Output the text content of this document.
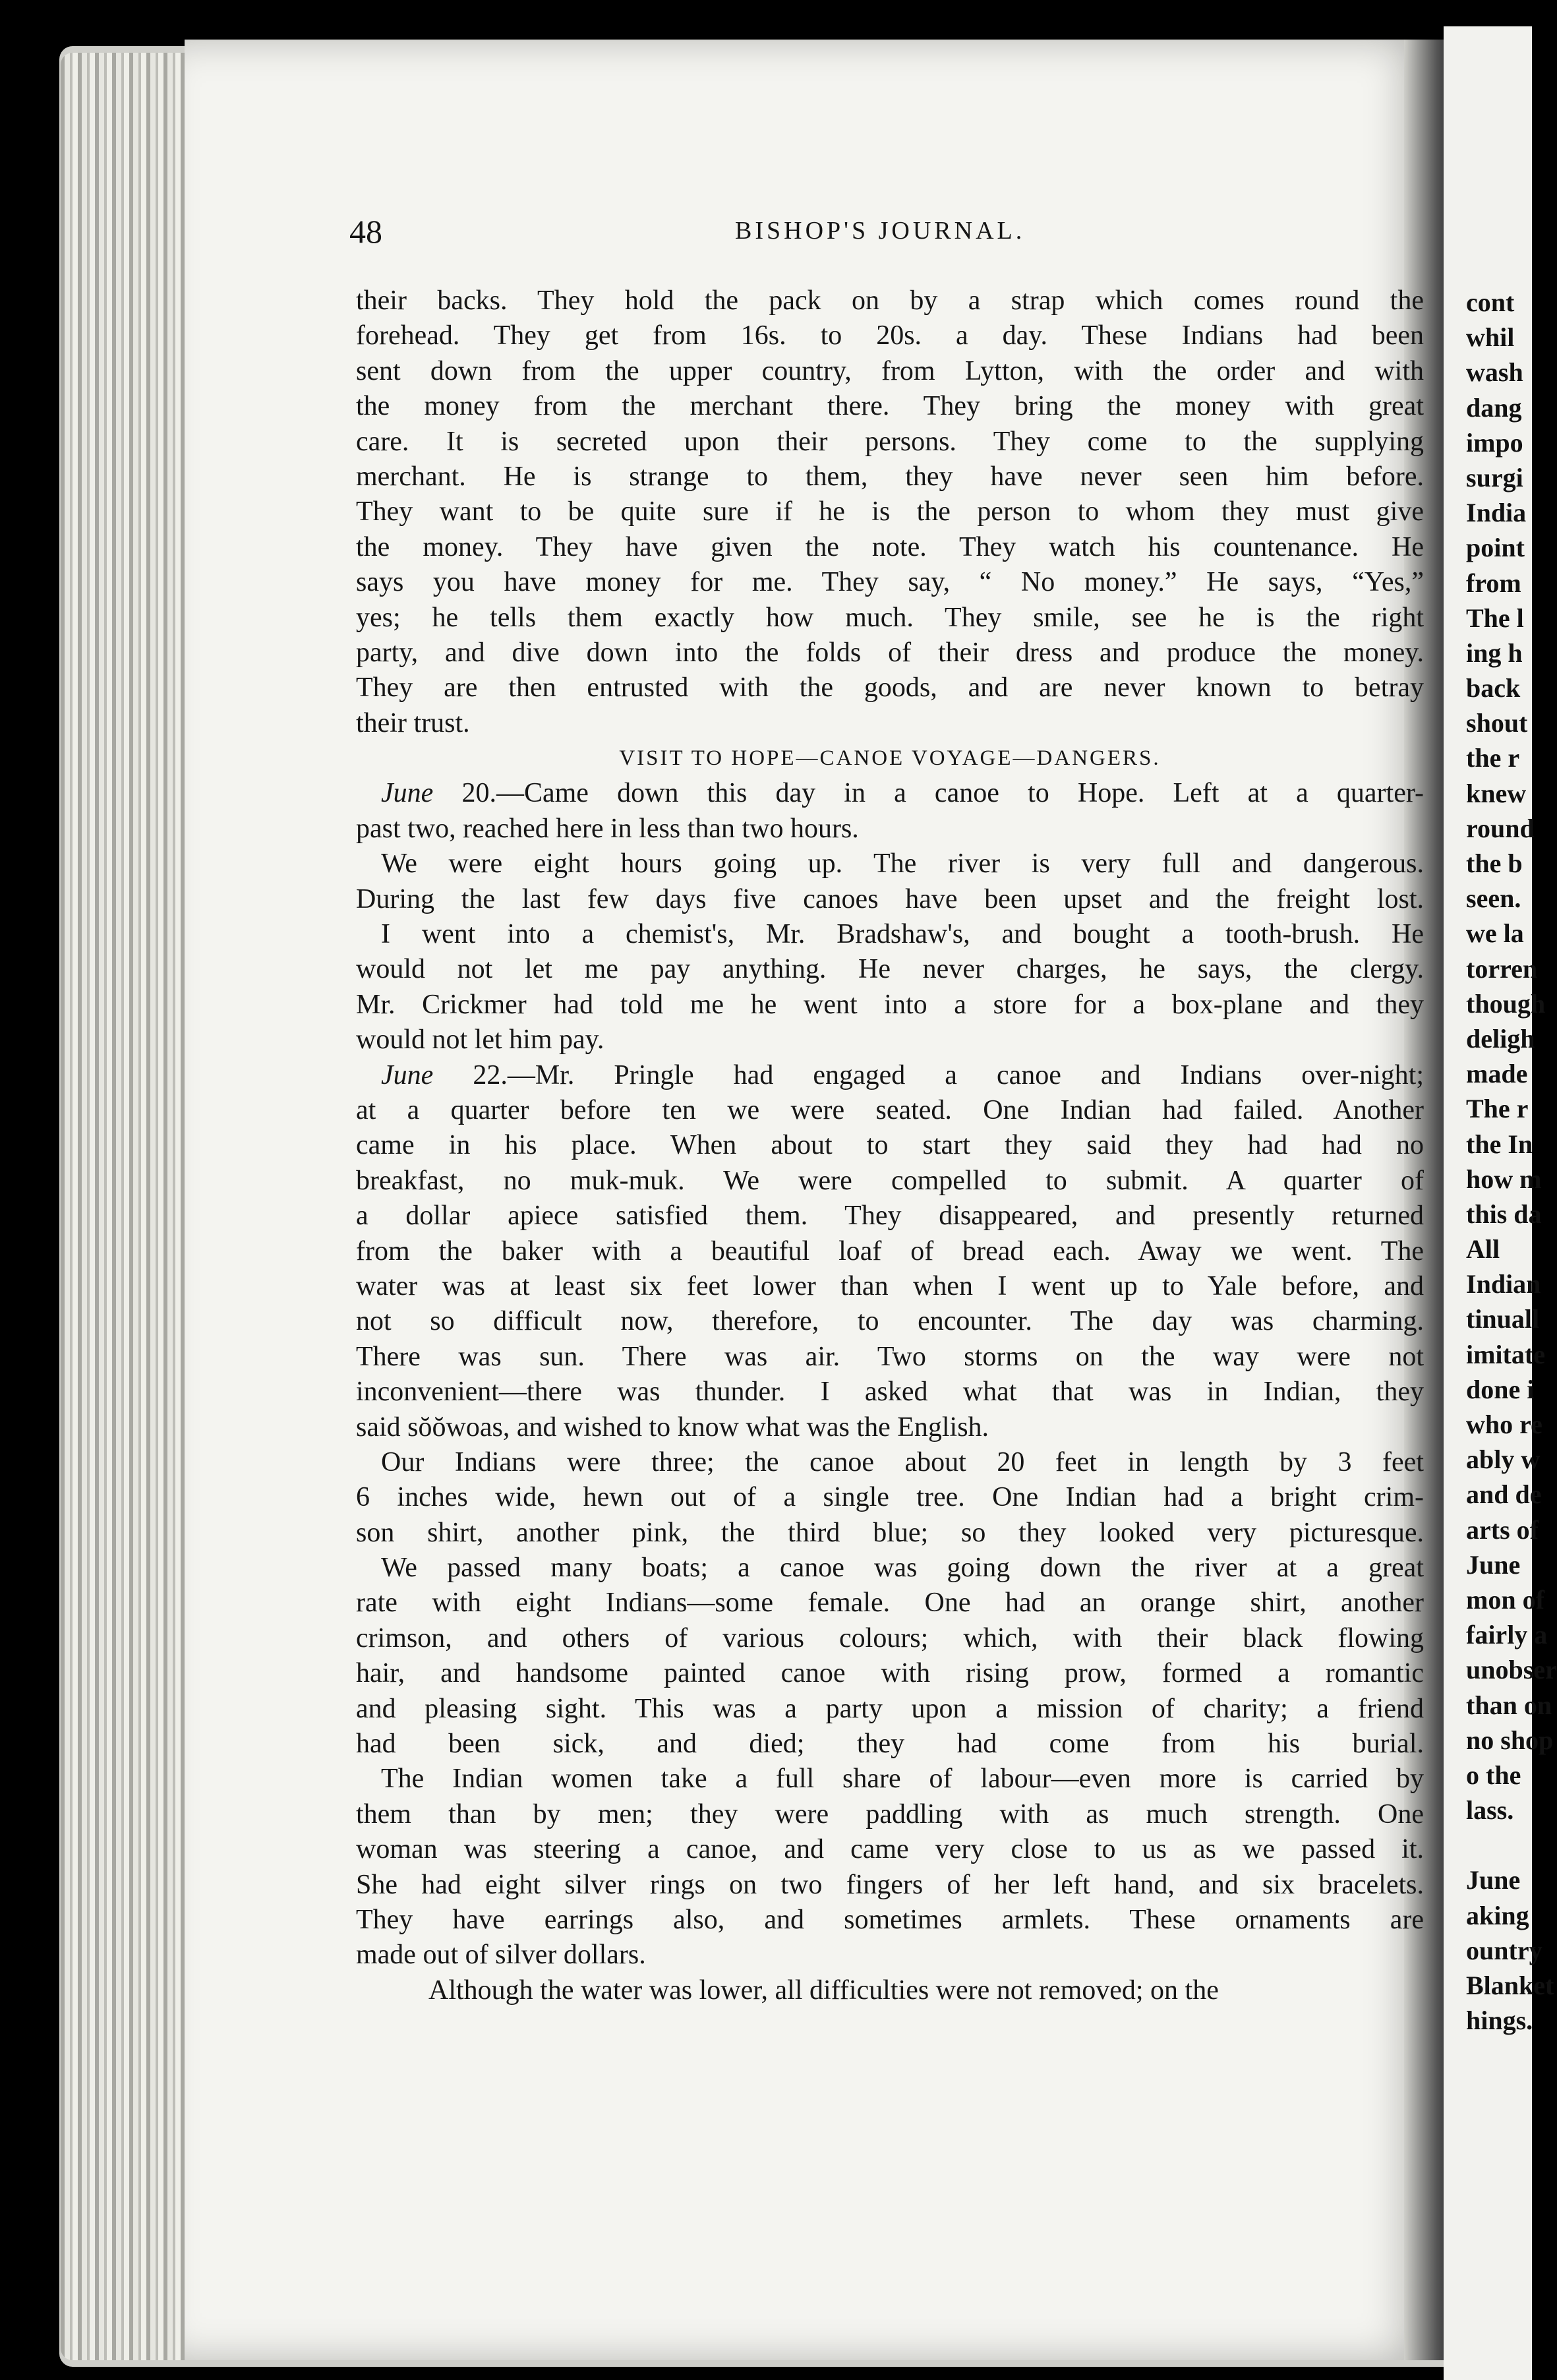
cont
whil
wash
dang
impo
surgi
India
point
from
The l
ing h
back
shout
the r
knew
round
the b
seen.
we la
torren
though
deligh
made
The r
the In
how m
this da
All
Indian
tinuall
imitate
done i
who re
ably w
and de
arts of
June
mon of
fairly a
unobser
than on
no shop
o the
lass.
June
aking
ountry
Blanket
hings.
48	BISHOP'S JOURNAL.
their backs. They hold the pack on by a strap which comes round the
forehead. They get from 16s. to 20s. a day. These Indians had been
sent down from the upper country, from Lytton, with the order and with
the money from the merchant there. They bring the money with great
care. It is secreted upon their persons. They come to the supplying
merchant. He is strange to them, they have never seen him before.
They want to be quite sure if he is the person to whom they must give
the money. They have given the note. They watch his countenance. He
says you have money for me. They say, “ No money.” He says, “Yes,”
yes; he tells them exactly how much. They smile, see he is the right
party, and dive down into the folds of their dress and produce the money.
They are then entrusted with the goods, and are never known to betray
their trust.
VISIT TO HOPE—CANOE VOYAGE—DANGERS.
June 20.—Came down this day in a canoe to Hope. Left at a quarter-
past two, reached here in less than two hours.
We were eight hours going up. The river is very full and dangerous.
During the last few days five canoes have been upset and the freight lost.
I went into a chemist's, Mr. Bradshaw's, and bought a tooth-brush. He
would not let me pay anything. He never charges, he says, the clergy.
Mr. Crickmer had told me he went into a store for a box-plane and they
would not let him pay.
June 22.—Mr. Pringle had engaged a canoe and Indians over-night;
at a quarter before ten we were seated. One Indian had failed. Another
came in his place. When about to start they said they had had no
breakfast, no muk-muk. We were compelled to submit. A quarter of
a dollar apiece satisfied them. They disappeared, and presently returned
from the baker with a beautiful loaf of bread each. Away we went. The
water was at least six feet lower than when I went up to Yale before, and
not so difficult now, therefore, to encounter. The day was charming.
There was sun. There was air. Two storms on the way were not
inconvenient—there was thunder. I asked what that was in Indian, they
said sŏŏwoas, and wished to know what was the English.
Our Indians were three; the canoe about 20 feet in length by 3 feet
6 inches wide, hewn out of a single tree. One Indian had a bright crim-
son shirt, another pink, the third blue; so they looked very picturesque.
We passed many boats; a canoe was going down the river at a great
rate with eight Indians—some female. One had an orange shirt, another
crimson, and others of various colours; which, with their black flowing
hair, and handsome painted canoe with rising prow, formed a romantic
and pleasing sight. This was a party upon a mission of charity; a friend
had been sick, and died; they had come from his burial.
The Indian women take a full share of labour—even more is carried by
them than by men; they were paddling with as much strength. One
woman was steering a canoe, and came very close to us as we passed it.
She had eight silver rings on two fingers of her left hand, and six bracelets.
They have earrings also, and sometimes armlets. These ornaments are
made out of silver dollars.
Although the water was lower, all difficulties were not removed; on the
